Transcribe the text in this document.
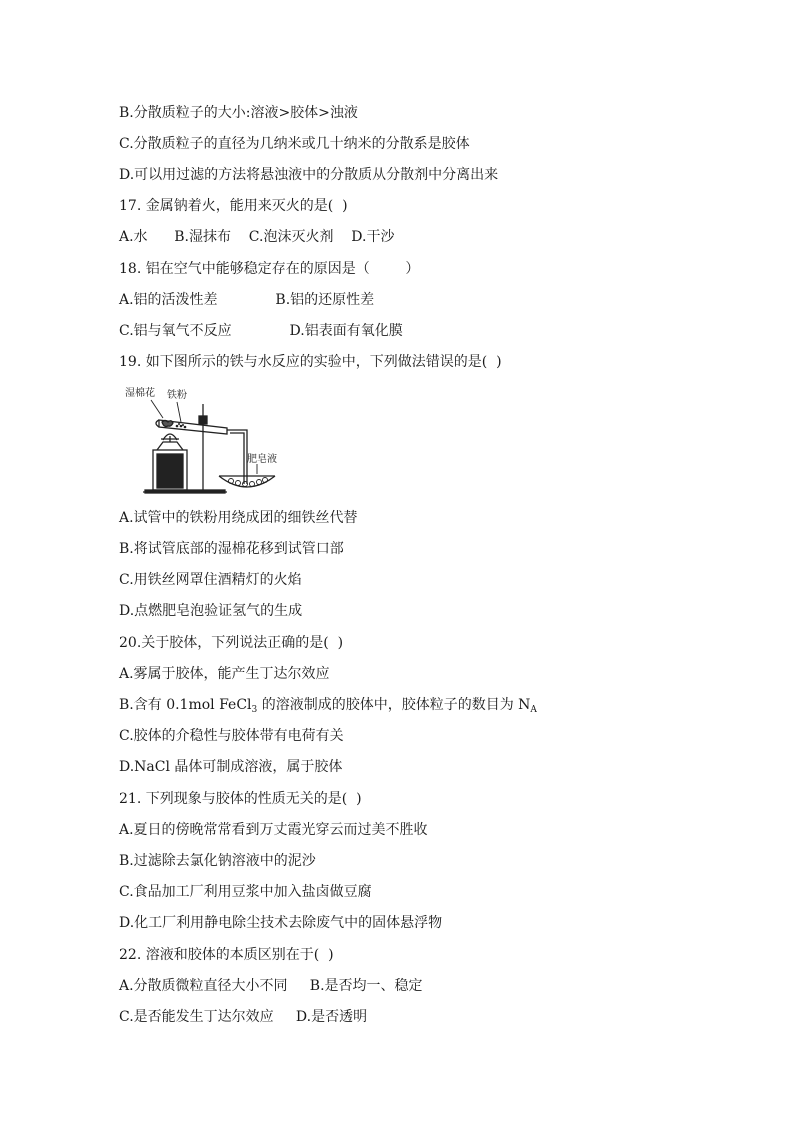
B.分散质粒子的大小:溶液>胶体>浊液
C.分散质粒子的直径为几纳米或几十纳米的分散系是胶体
D.可以用过滤的方法将悬浊液中的分散质从分散剂中分离出来
17. 金属钠着火，能用来灭火的是(  )
A.水      B.湿抹布    C.泡沫灭火剂    D.干沙
18. 铝在空气中能够稳定存在的原因是（        ）
A.铝的活泼性差             B.铝的还原性差
C.铝与氧气不反应             D.铝表面有氧化膜
19. 如下图所示的铁与水反应的实验中，下列做法错误的是(  )
湿棉花 铁粉
肥皂液
A.试管中的铁粉用绕成团的细铁丝代替
B.将试管底部的湿棉花移到试管口部
C.用铁丝网罩住酒精灯的火焰
D.点燃肥皂泡验证氢气的生成
20.关于胶体，下列说法正确的是(  )
A.雾属于胶体，能产生丁达尔效应
B.含有 0.1mol FeCl$_3$ 的溶液制成的胶体中，胶体粒子的数目为 $N_A$
C.胶体的介稳性与胶体带有电荷有关
D.NaCl 晶体可制成溶液，属于胶体
21. 下列现象与胶体的性质无关的是(  )
A.夏日的傍晚常常看到万丈霞光穿云而过美不胜收
B.过滤除去氯化钠溶液中的泥沙
C.食品加工厂利用豆浆中加入盐卤做豆腐
D.化工厂利用静电除尘技术去除废气中的固体悬浮物
22. 溶液和胶体的本质区别在于(  )
A.分散质微粒直径大小不同     B.是否均一、稳定
C.是否能发生丁达尔效应     D.是否透明
